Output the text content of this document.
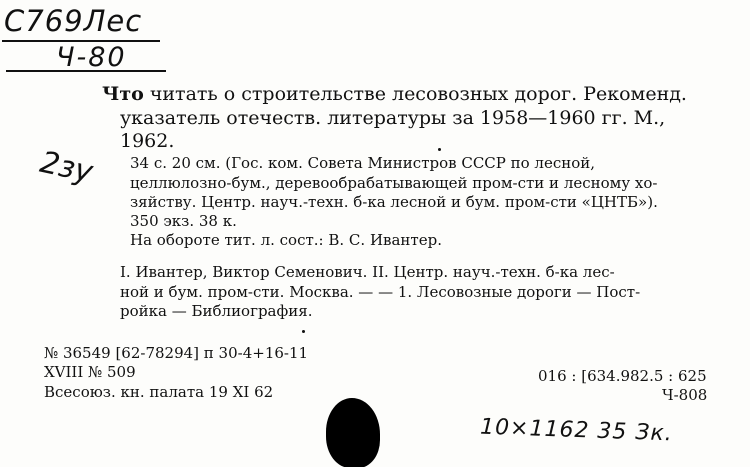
C769Лес
Ч-80
Что читать о строительстве лесовозных дорог. Рекоменд.
указатель отечеств. литературы за 1958—1960 гг. М.,
1962.
2зу 34 с. 20 см. (Гос. ком. Совета Министров СССР по лесной,
целлюлозно-бум., деревообрабатывающей пром-сти и лесному хо-
зяйству. Центр. науч.-техн. б-ка лесной и бум. пром-сти «ЦНТБ»).
350 экз. 38 к.
На обороте тит. л. сост.: В. С. Ивантер.
I. Ивантер, Виктор Семенович. II. Центр. науч.-техн. б-ка лес-
ной и бум. пром-сти. Москва. — — 1. Лесовозные дороги — Пост-
ройка — Библиография.
№ 36549 [62-78294] п 30-4+16-11
XVIII № 509
Всесоюз. кн. палата 19 XI 62
016 : [634.982.5 : 625
Ч-808
10×1162 35 Зк.
